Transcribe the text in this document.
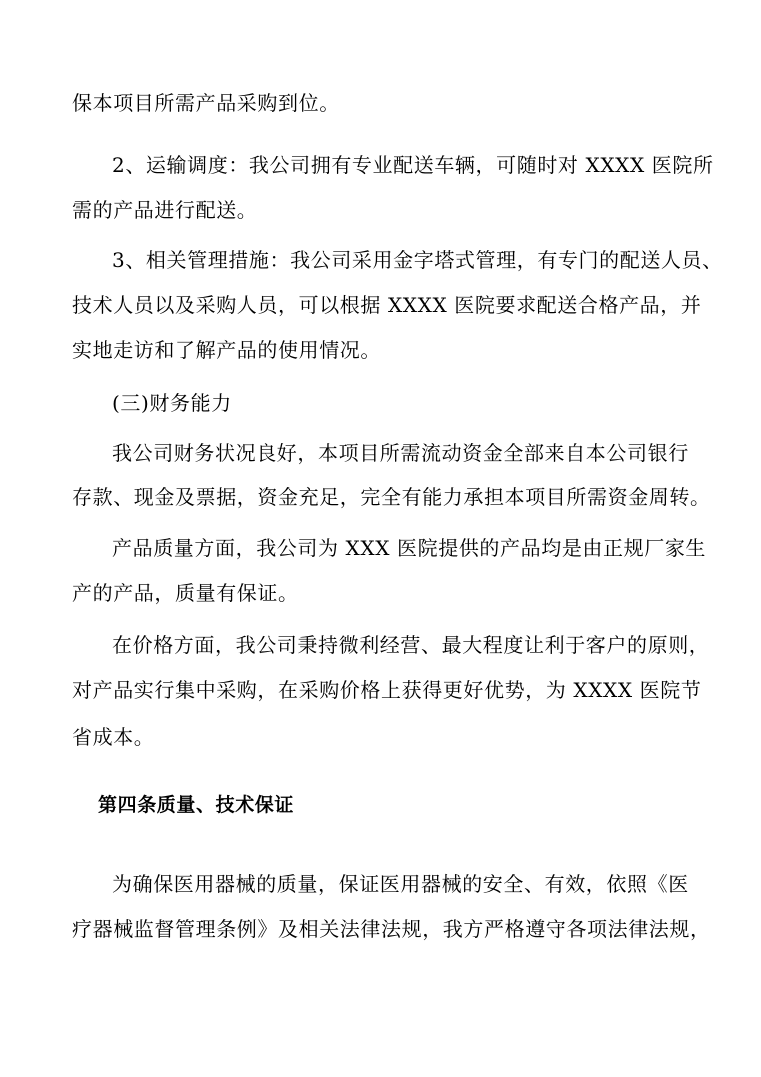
保本项目所需产品采购到位。
2、运输调度：我公司拥有专业配送车辆，可随时对 XXXX 医院所
需的产品进行配送。
3、相关管理措施：我公司采用金字塔式管理，有专门的配送人员、
技术人员以及采购人员，可以根据 XXXX 医院要求配送合格产品，并
实地走访和了解产品的使用情况。
(三)财务能力
我公司财务状况良好，本项目所需流动资金全部来自本公司银行
存款、现金及票据，资金充足，完全有能力承担本项目所需资金周转。
产品质量方面，我公司为 XXX 医院提供的产品均是由正规厂家生
产的产品，质量有保证。
在价格方面，我公司秉持微利经营、最大程度让利于客户的原则，
对产品实行集中采购，在采购价格上获得更好优势，为 XXXX 医院节
省成本。
第四条质量、技术保证
为确保医用器械的质量，保证医用器械的安全、有效，依照《医
疗器械监督管理条例》及相关法律法规，我方严格遵守各项法律法规，
